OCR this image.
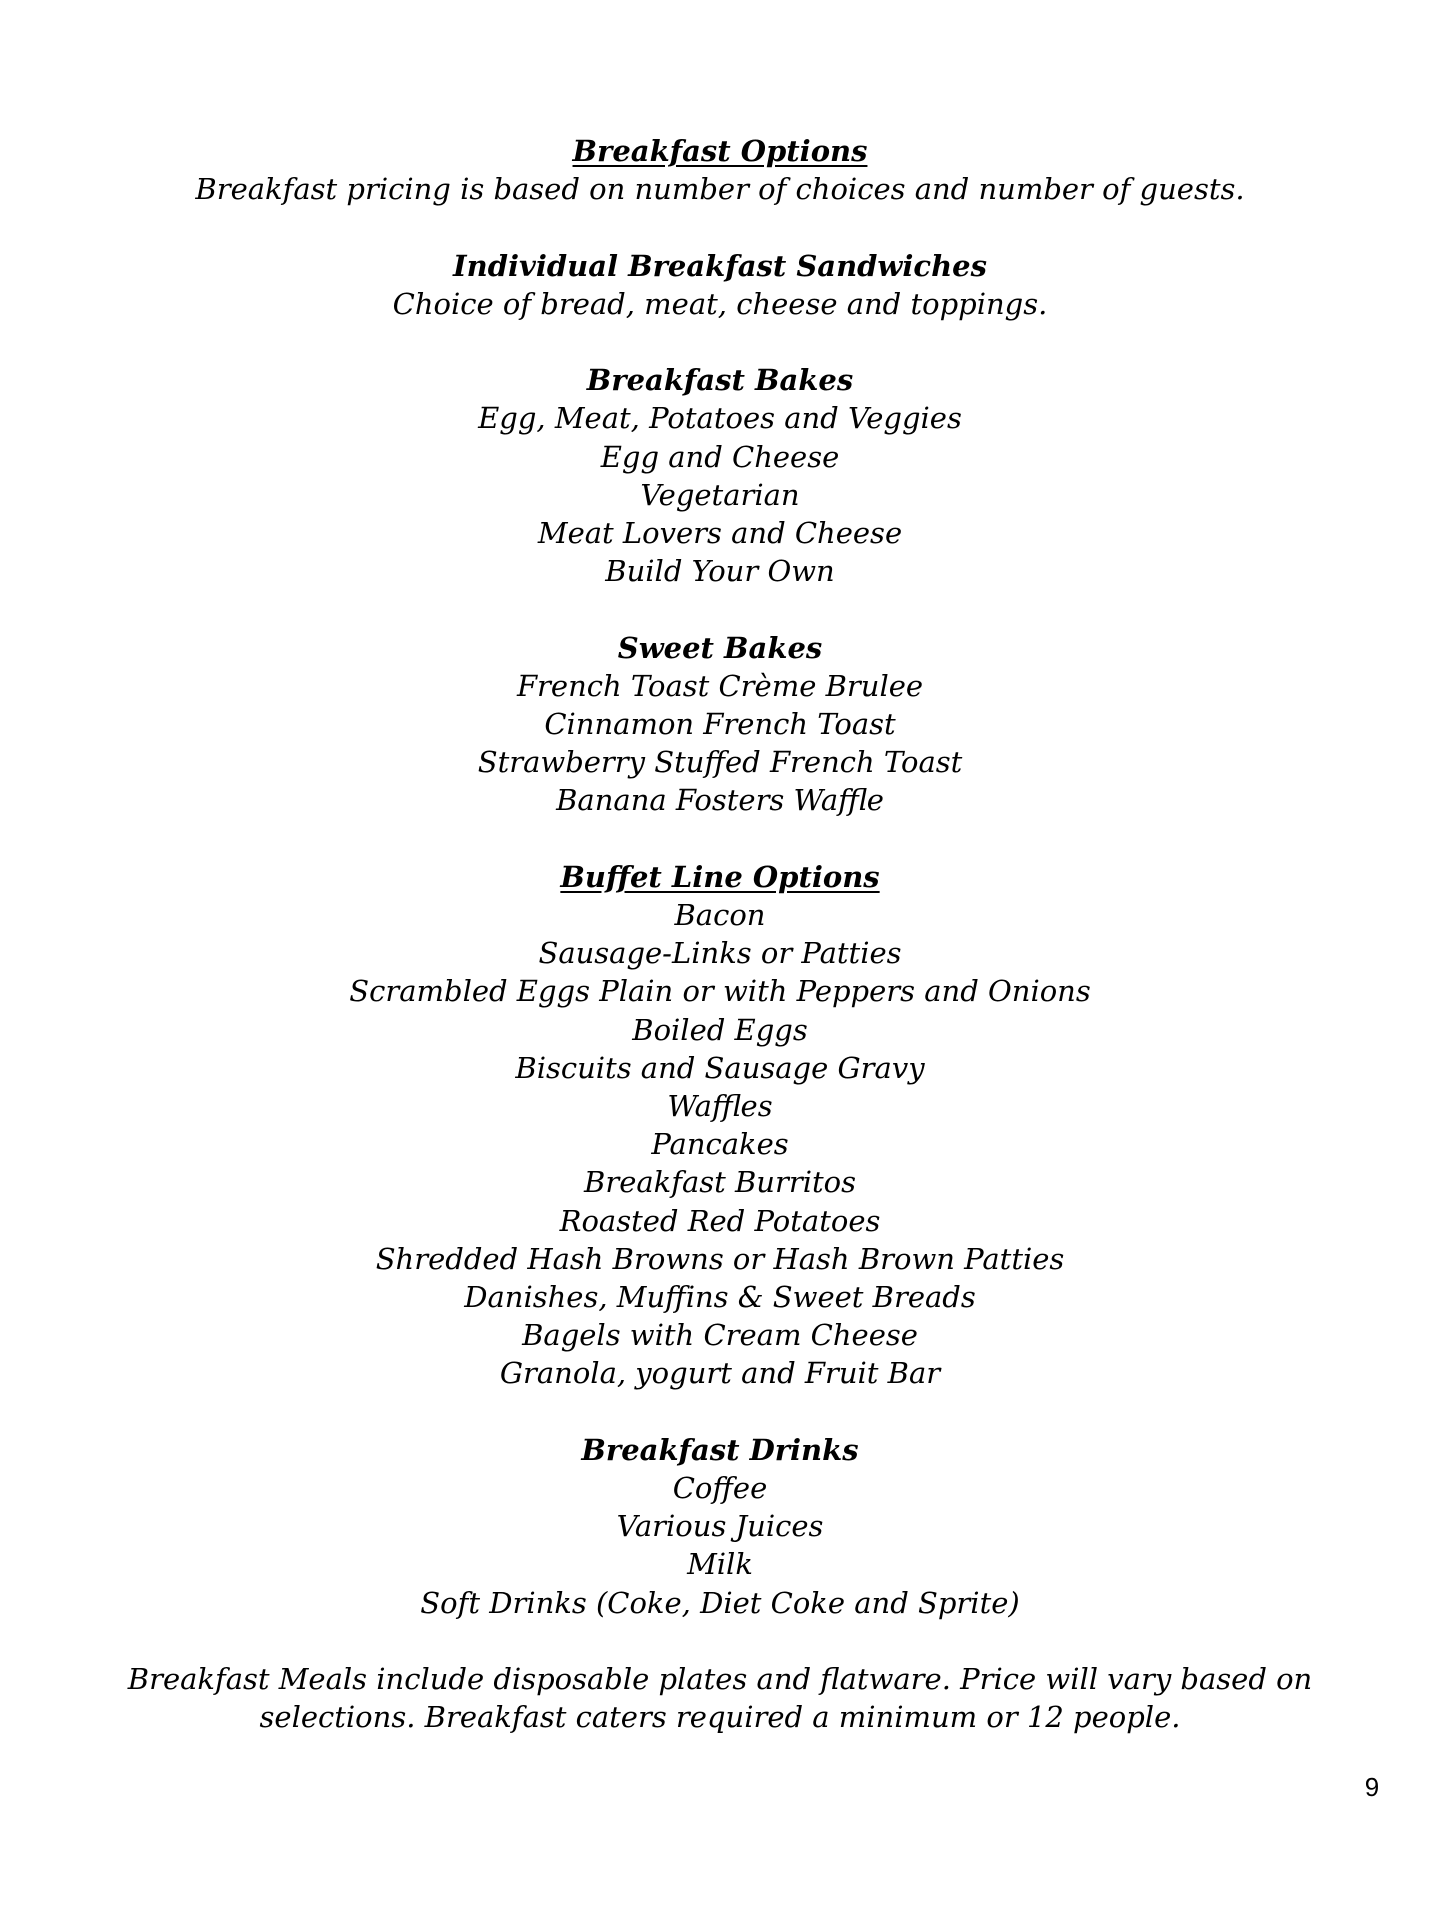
Breakfast Options
Breakfast pricing is based on number of choices and number of guests.
Individual Breakfast Sandwiches
Choice of bread, meat, cheese and toppings.
Breakfast Bakes
Egg, Meat, Potatoes and Veggies
Egg and Cheese
Vegetarian
Meat Lovers and Cheese
Build Your Own
Sweet Bakes
French Toast Crème Brulee
Cinnamon French Toast
Strawberry Stuffed French Toast
Banana Fosters Waffle
Buffet Line Options
Bacon
Sausage-Links or Patties
Scrambled Eggs Plain or with Peppers and Onions
Boiled Eggs
Biscuits and Sausage Gravy
Waffles
Pancakes
Breakfast Burritos
Roasted Red Potatoes
Shredded Hash Browns or Hash Brown Patties
Danishes, Muffins & Sweet Breads
Bagels with Cream Cheese
Granola, yogurt and Fruit Bar
Breakfast Drinks
Coffee
Various Juices
Milk
Soft Drinks (Coke, Diet Coke and Sprite)
Breakfast Meals include disposable plates and flatware. Price will vary based on selections. Breakfast caters required a minimum or 12 people.
9
